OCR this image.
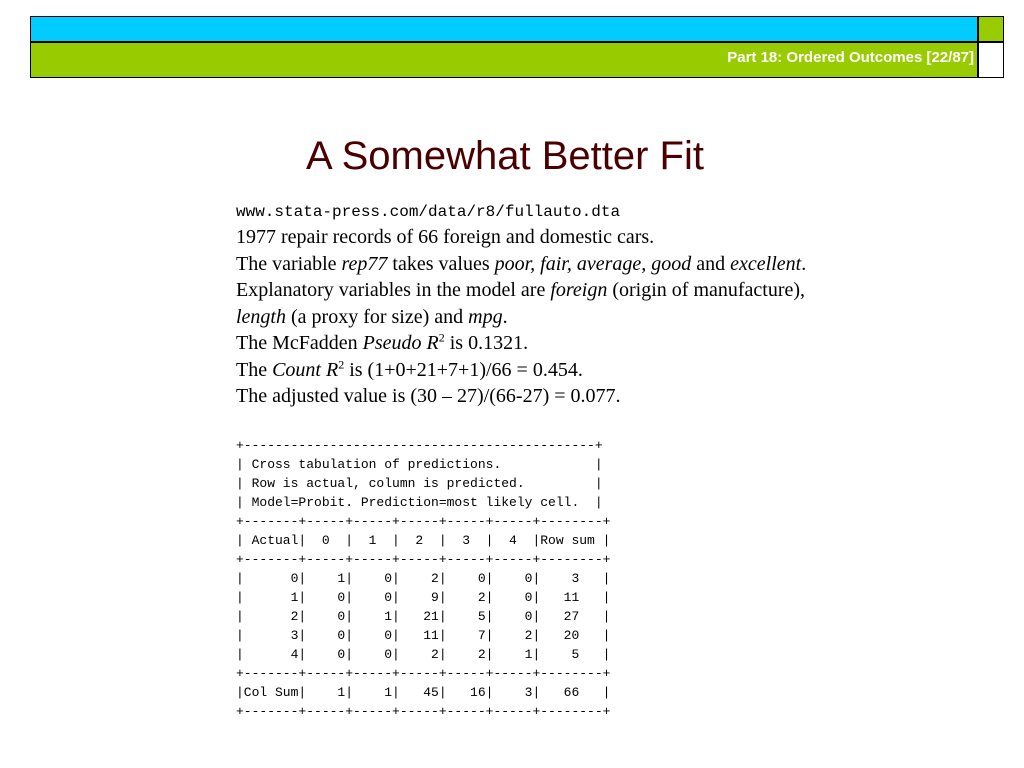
Part 18: Ordered Outcomes [22/87]
A Somewhat Better Fit

www.stata-press.com/data/r8/fullauto.dta

1977 repair records of 66 foreign and domestic cars.

The variable rep77 takes values poor, fair, average, good and excellent.

Explanatory variables in the model are foreign (origin of manufacture),

length (a proxy for size) and mpg.

The McFadden Pseudo $R^2$ is 0.1321.

The Count $R^2$ is (1+0+21+7+1)/66 = 0.454.

The adjusted value is (30 – 27)/(66-27) = 0.077.

+---------------------------------------------+
| Cross tabulation of predictions.            |
| Row is actual, column is predicted.         |
| Model=Probit. Prediction=most likely cell.  |
+-------+-----+-----+-----+-----+-----+--------+
| Actual|  0  |  1  |  2  |  3  |  4  |Row sum |
+-------+-----+-----+-----+-----+-----+--------+
|      0|    1|    0|    2|    0|    0|    3   |
|      1|    0|    0|    9|    2|    0|   11   |
|      2|    0|    1|   21|    5|    0|   27   |
|      3|    0|    0|   11|    7|    2|   20   |
|      4|    0|    0|    2|    2|    1|    5   |
+-------+-----+-----+-----+-----+-----+--------+
|Col Sum|    1|    1|   45|   16|    3|   66   |
+-------+-----+-----+-----+-----+-----+--------+
